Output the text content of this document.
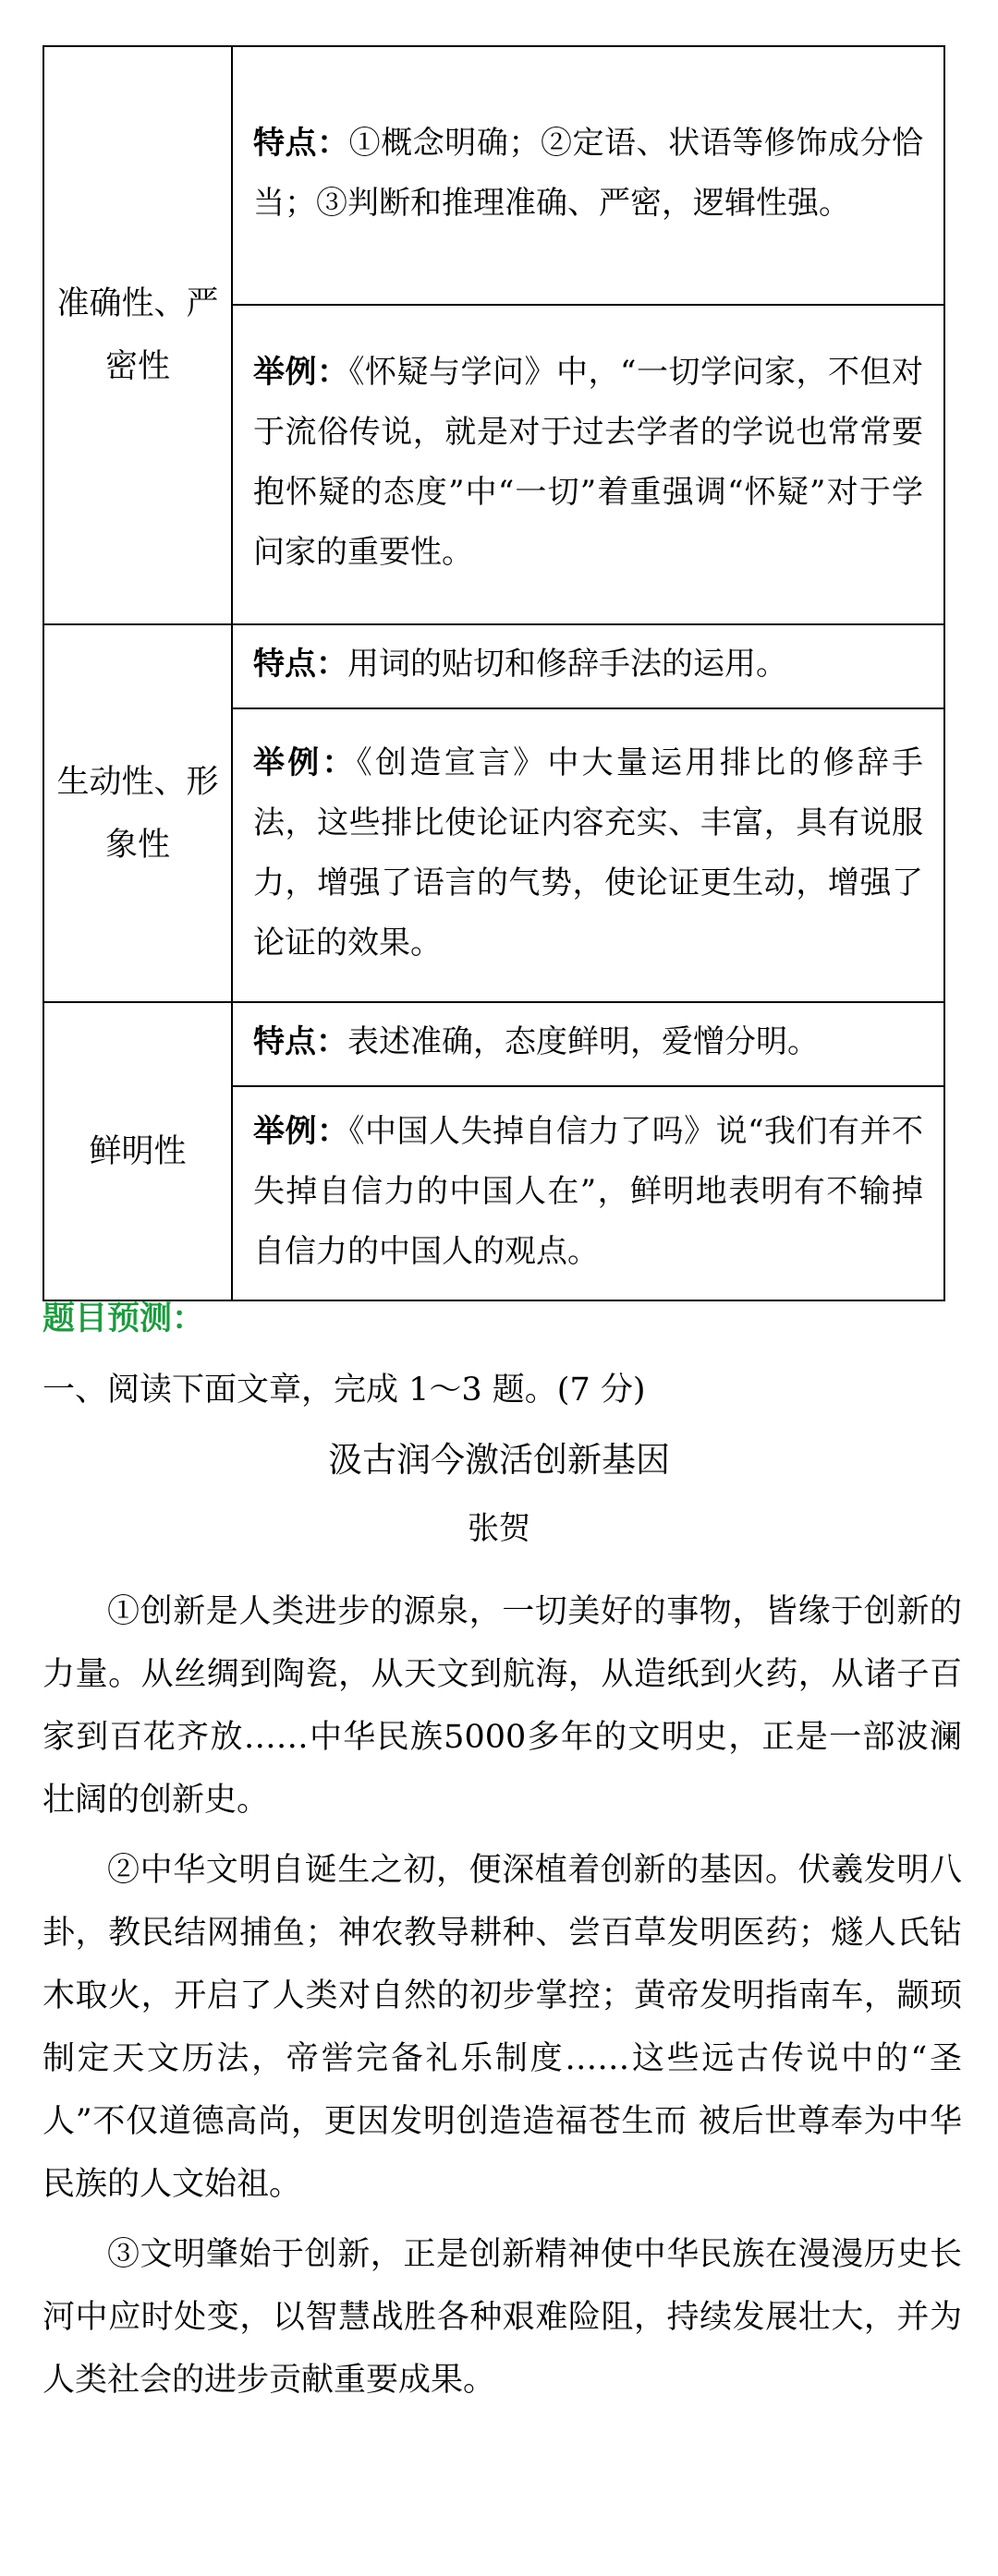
准确性、严密性	特点：①概念明确；②定语、状语等修饰成分恰当；③判断和推理准确、严密，逻辑性强。
	举例：《怀疑与学问》中，“一切学问家，不但对于流俗传说，就是对于过去学者的学说也常常要抱怀疑的态度”中“一切”着重强调“怀疑”对于学问家的重要性。
生动性、形象性	特点：用词的贴切和修辞手法的运用。
	举例：《创造宣言》中大量运用排比的修辞手法，这些排比使论证内容充实、丰富，具有说服力，增强了语言的气势，使论证更生动，增强了论证的效果。
鲜明性	特点：表述准确，态度鲜明，爱憎分明。
	举例：《中国人失掉自信力了吗》说“我们有并不失掉自信力的中国人在”，鲜明地表明有不输掉自信力的中国人的观点。
题目预测：
一、阅读下面文章，完成 1～3 题。(7 分)
汲古润今激活创新基因
张贺

①创新是人类进步的源泉，一切美好的事物，皆缘于创新的力量。从丝绸到陶瓷，从天文到航海，从造纸到火药，从诸子百家到百花齐放……中华民族5000多年的文明史，正是一部波澜壮阔的创新史。

②中华文明自诞生之初，便深植着创新的基因。伏羲发明八卦，教民结网捕鱼；神农教导耕种、尝百草发明医药；燧人氏钻木取火，开启了人类对自然的初步掌控；黄帝发明指南车，颛顼制定天文历法，帝喾完备礼乐制度……这些远古传说中的“圣人”不仅道德高尚，更因发明创造造福苍生而 被后世尊奉为中华民族的人文始祖。

③文明肇始于创新，正是创新精神使中华民族在漫漫历史长河中应时处变，以智慧战胜各种艰难险阻，持续发展壮大，并为人类社会的进步贡献重要成果。
